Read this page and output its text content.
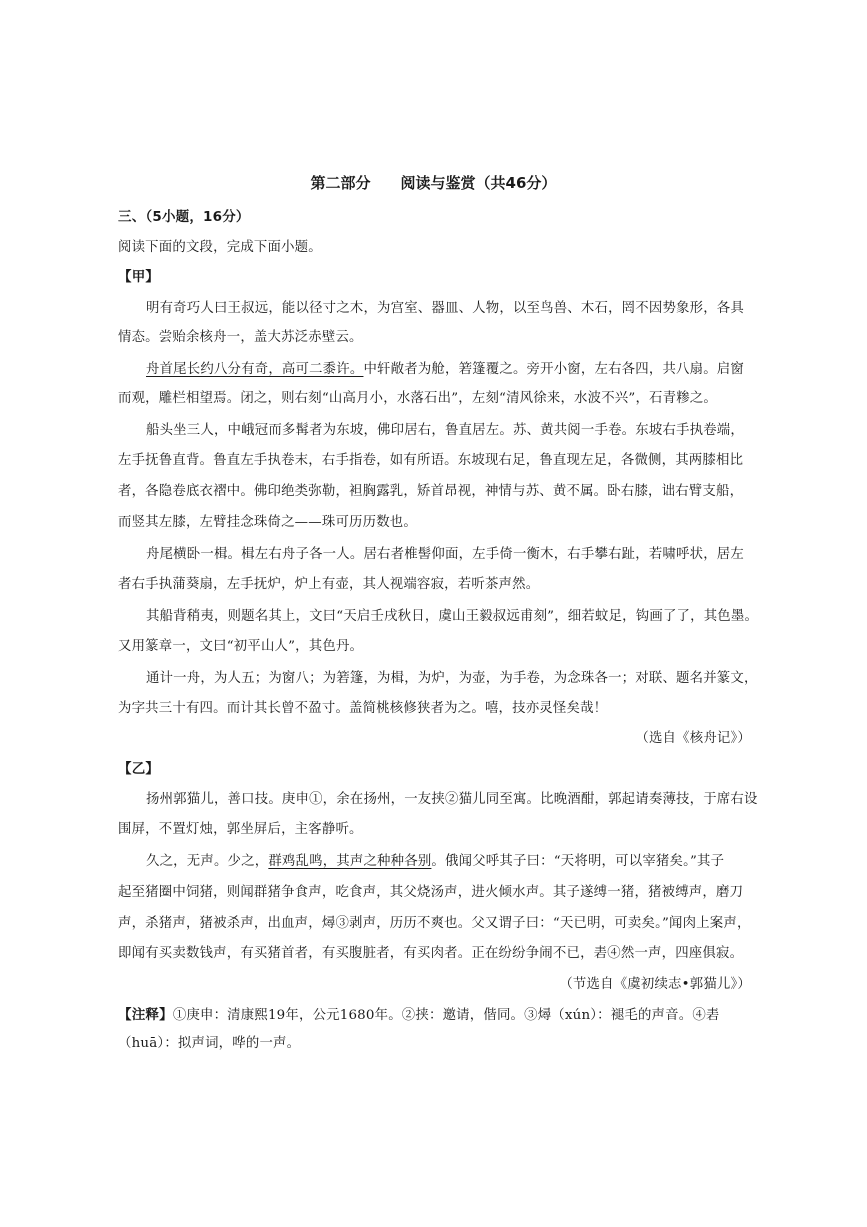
第二部分　　阅读与鉴赏（共46分）
三、（5小题，16分）
阅读下面的文段，完成下面小题。
【甲】
明有奇巧人曰王叔远，能以径寸之木，为宫室、器皿、人物，以至鸟兽、木石，罔不因势象形，各具
情态。尝贻余核舟一，盖大苏泛赤壁云。
舟首尾长约八分有奇，高可二黍许。中轩敞者为舱，箬篷覆之。旁开小窗，左右各四，共八扇。启窗
而观，雕栏相望焉。闭之，则右刻“山高月小，水落石出”，左刻“清风徐来，水波不兴”，石青糁之。
船头坐三人，中峨冠而多髯者为东坡，佛印居右，鲁直居左。苏、黄共阅一手卷。东坡右手执卷端，
左手抚鲁直背。鲁直左手执卷末，右手指卷，如有所语。东坡现右足，鲁直现左足，各微侧，其两膝相比
者，各隐卷底衣褶中。佛印绝类弥勒，袒胸露乳，矫首昂视，神情与苏、黄不属。卧右膝，诎右臂支船，
而竖其左膝，左臂挂念珠倚之——珠可历历数也。
舟尾横卧一楫。楫左右舟子各一人。居右者椎髻仰面，左手倚一衡木，右手攀右趾，若啸呼状，居左
者右手执蒲葵扇，左手抚炉，炉上有壶，其人视端容寂，若听茶声然。
其船背稍夷，则题名其上，文曰“天启壬戌秋日，虞山王毅叔远甫刻”，细若蚊足，钩画了了，其色墨。
又用篆章一，文曰“初平山人”，其色丹。
通计一舟，为人五；为窗八；为箬篷，为楫，为炉，为壶，为手卷，为念珠各一；对联、题名并篆文，
为字共三十有四。而计其长曾不盈寸。盖简桃核修狭者为之。嘻，技亦灵怪矣哉！
（选自《核舟记》）
【乙】
扬州郭猫儿，善口技。庚申①，余在扬州，一友挟②猫儿同至寓。比晚酒酣，郭起请奏薄技，于席右设
围屏，不置灯烛，郭坐屏后，主客静听。
久之，无声。少之，群鸡乱鸣，其声之种种各别。俄闻父呼其子曰：“天将明，可以宰猪矣。”其子
起至猪圈中饲猪，则闻群猪争食声，吃食声，其父烧汤声，进火倾水声。其子遂缚一猪，猪被缚声，磨刀
声，杀猪声，猪被杀声，出血声，燖③剥声，历历不爽也。父又谓子曰：“天已明，可卖矣。”闻肉上案声，
即闻有买卖数钱声，有买猪首者，有买腹脏者，有买肉者。正在纷纷争闹不已，砉④然一声，四座俱寂。
（节选自《虞初续志•郭猫儿》）
【注释】①庚申：清康熙19年，公元1680年。②挟：邀请，偕同。③燖（xún）：褪毛的声音。④砉
（huā）：拟声词，哗的一声。
